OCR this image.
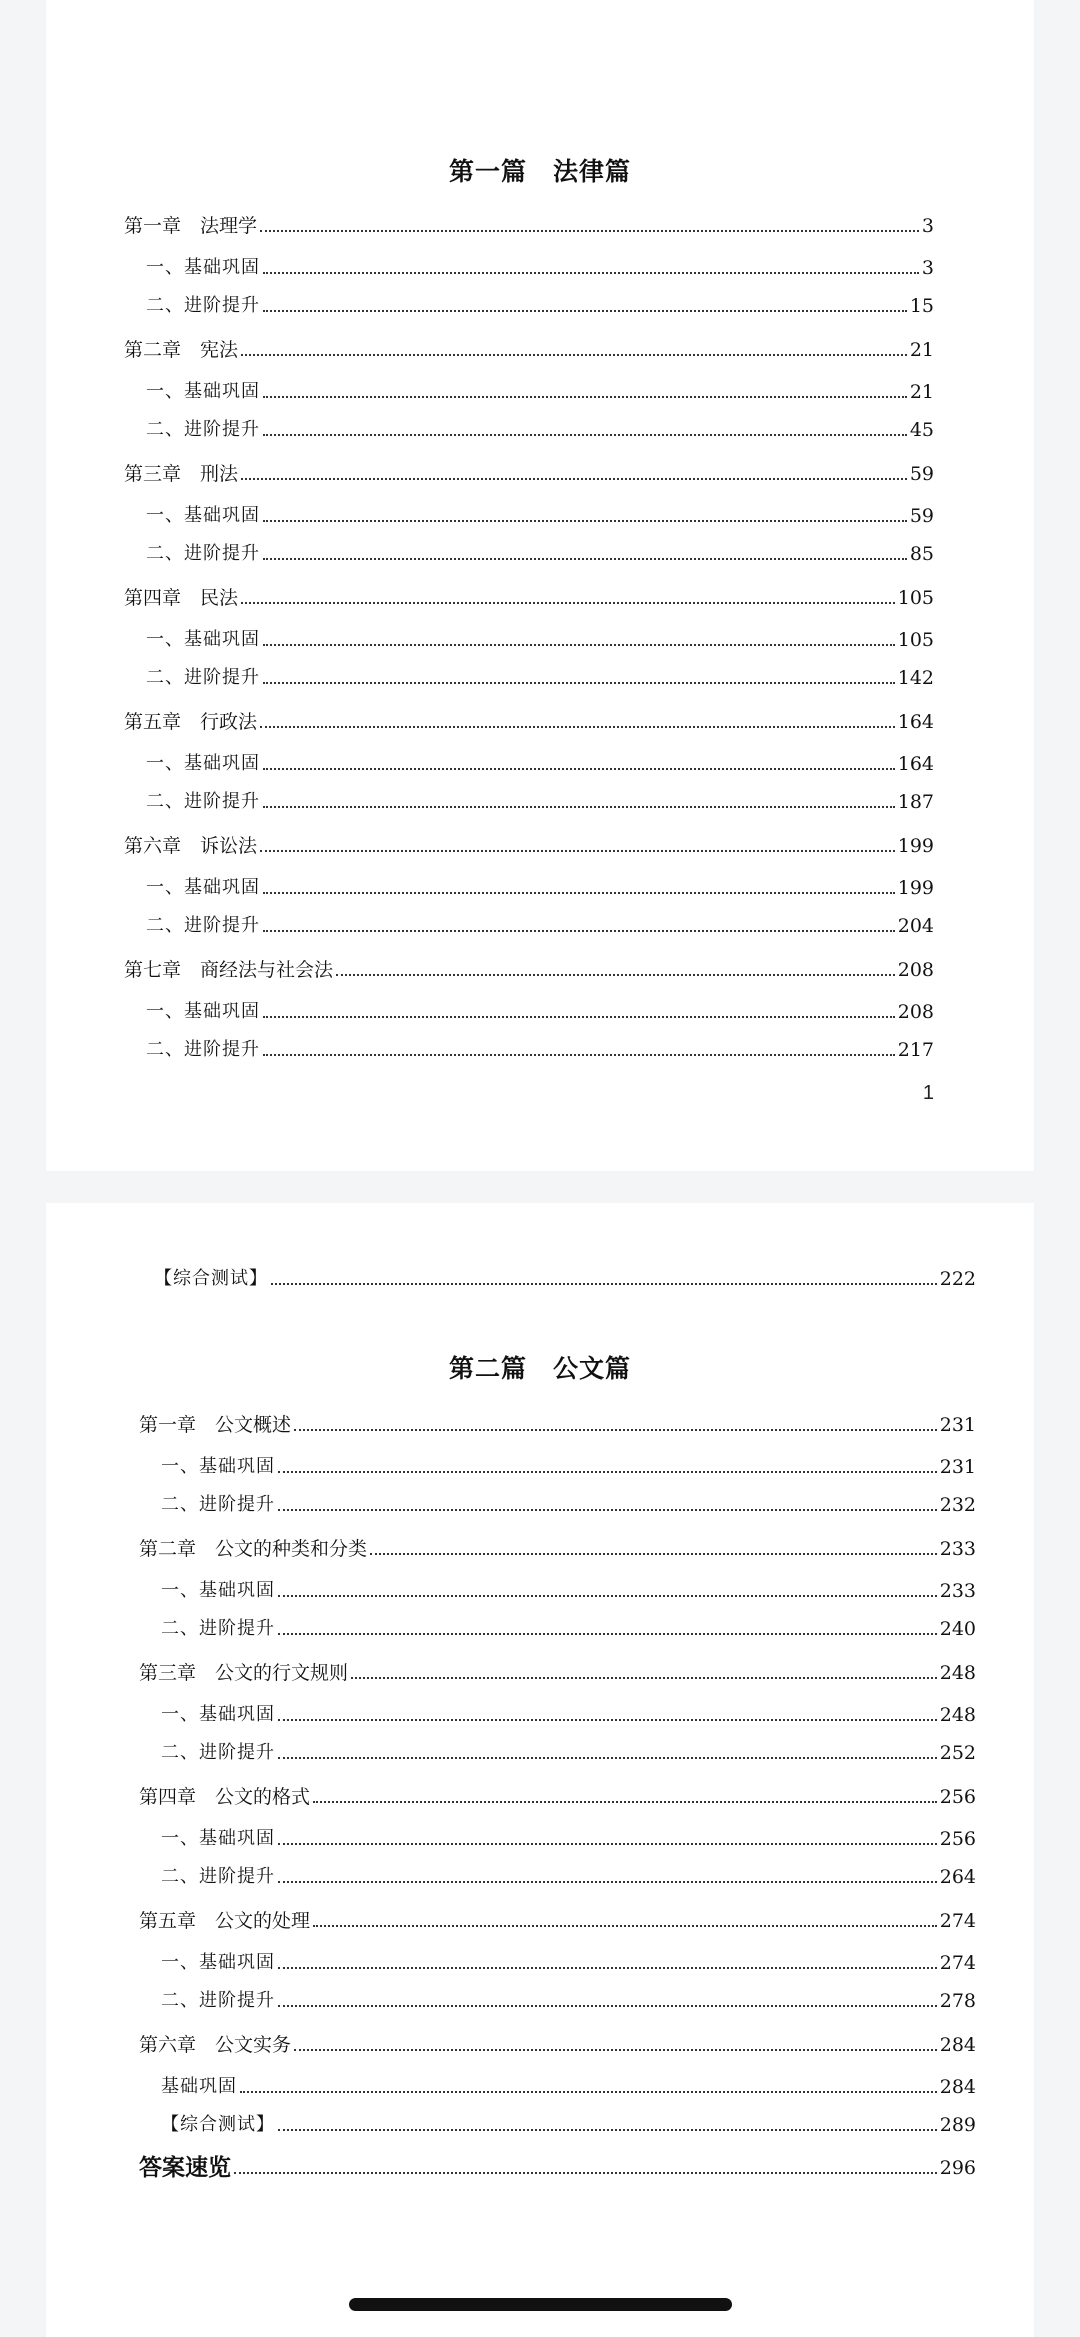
第一篇　法律篇
第一章　法理学	3
一、基础巩固	3
二、进阶提升	15
第二章　宪法	21
一、基础巩固	21
二、进阶提升	45
第三章　刑法	59
一、基础巩固	59
二、进阶提升	85
第四章　民法	105
一、基础巩固	105
二、进阶提升	142
第五章　行政法	164
一、基础巩固	164
二、进阶提升	187
第六章　诉讼法	199
一、基础巩固	199
二、进阶提升	204
第七章　商经法与社会法	208
一、基础巩固	208
二、进阶提升	217
1
【综合测试】	222
第二篇　公文篇
第一章　公文概述	231
一、基础巩固	231
二、进阶提升	232
第二章　公文的种类和分类	233
一、基础巩固	233
二、进阶提升	240
第三章　公文的行文规则	248
一、基础巩固	248
二、进阶提升	252
第四章　公文的格式	256
一、基础巩固	256
二、进阶提升	264
第五章　公文的处理	274
一、基础巩固	274
二、进阶提升	278
第六章　公文实务	284
基础巩固	284
【综合测试】	289
答案速览	296
